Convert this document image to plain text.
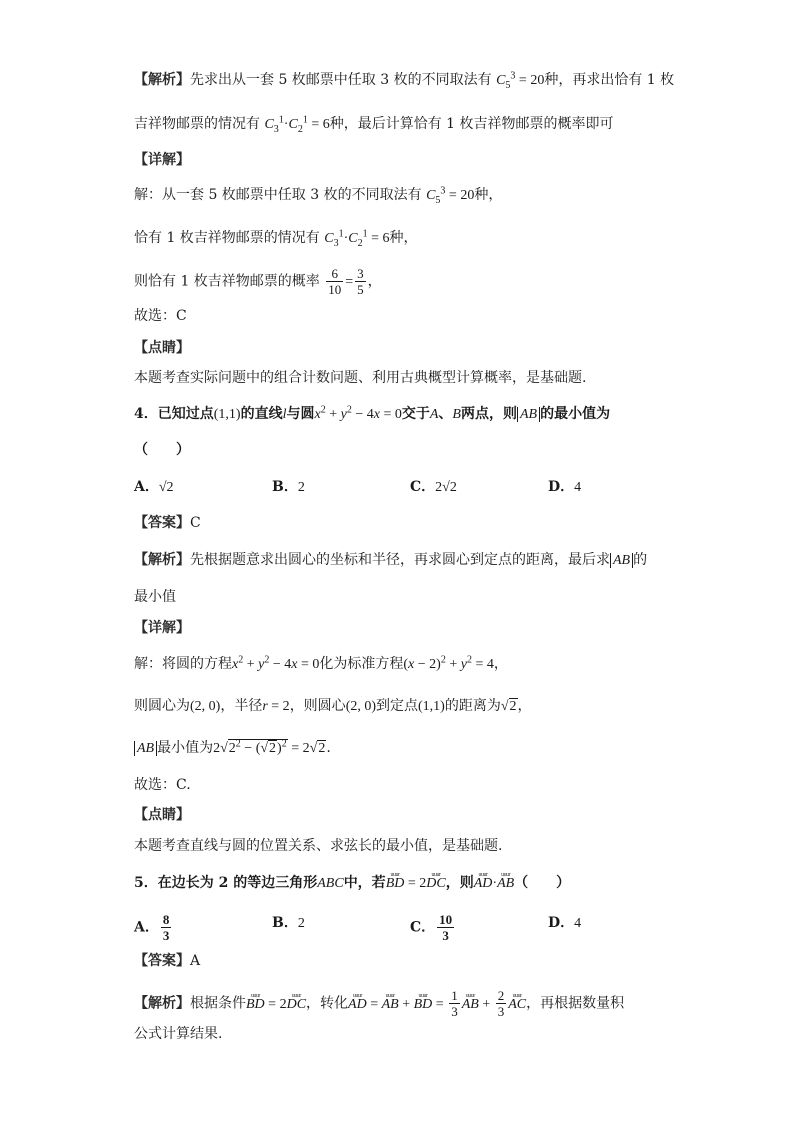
【解析】先求出从一套 5 枚邮票中任取 3 枚的不同取法有 $C_5^3 = 20$种，再求出恰有 1 枚
吉祥物邮票的情况有 $C_3^1\cdot C_2^1 = 6$种，最后计算恰有 1 枚吉祥物邮票的概率即可
【详解】
解：从一套 5 枚邮票中任取 3 枚的不同取法有 $C_5^3 = 20$种，
恰有 1 枚吉祥物邮票的情况有 $C_3^1\cdot C_2^1 = 6$种，
则恰有 1 枚吉祥物邮票的概率 $\frac{6}{10} = \frac{3}{5}$ ，
故选：C
【点睛】
本题考查实际问题中的组合计数问题、利用古典概型计算概率，是基础题.
4．已知过点(1,1)的直线l与圆$x^2 + y^2 - 4x = 0$交于A、B两点，则 AB 的最小值为
（　　）
A．√2	B．2	C．2√2	D．4
【答案】C
【解析】先根据题意求出圆心的坐标和半径，再求圆心到定点的距离，最后求 AB 的
最小值
【详解】
解：将圆的方程$x^2 + y^2 - 4x = 0$化为标准方程$(x - 2)^2 + y^2 = 4$，
则圆心为(2, 0)，半径r = 2，则圆心(2, 0)到定点(1,1)的距离为√2，
AB 最小值为$2√2^2 - (√2)^2 = 2√2$.
故选：C.
【点睛】
本题考查直线与圆的位置关系、求弦长的最小值，是基础题.
5．在边长为 2 的等边三角形ABC中，若uuur BD = 2uuur DC，则uuur AD·uuur AB（　　）
A． $\frac{8}{3}$	B．2	C． $\frac{10}{3}$	D．4
【答案】A
【解析】根据条件uuur BD = 2uuur DC，转化uuur AD = uuur AB + uuur BD = $\frac{1}{3}$ uuur AB + $\frac{2}{3}$ uuur AC，再根据数量积
公式计算结果.
